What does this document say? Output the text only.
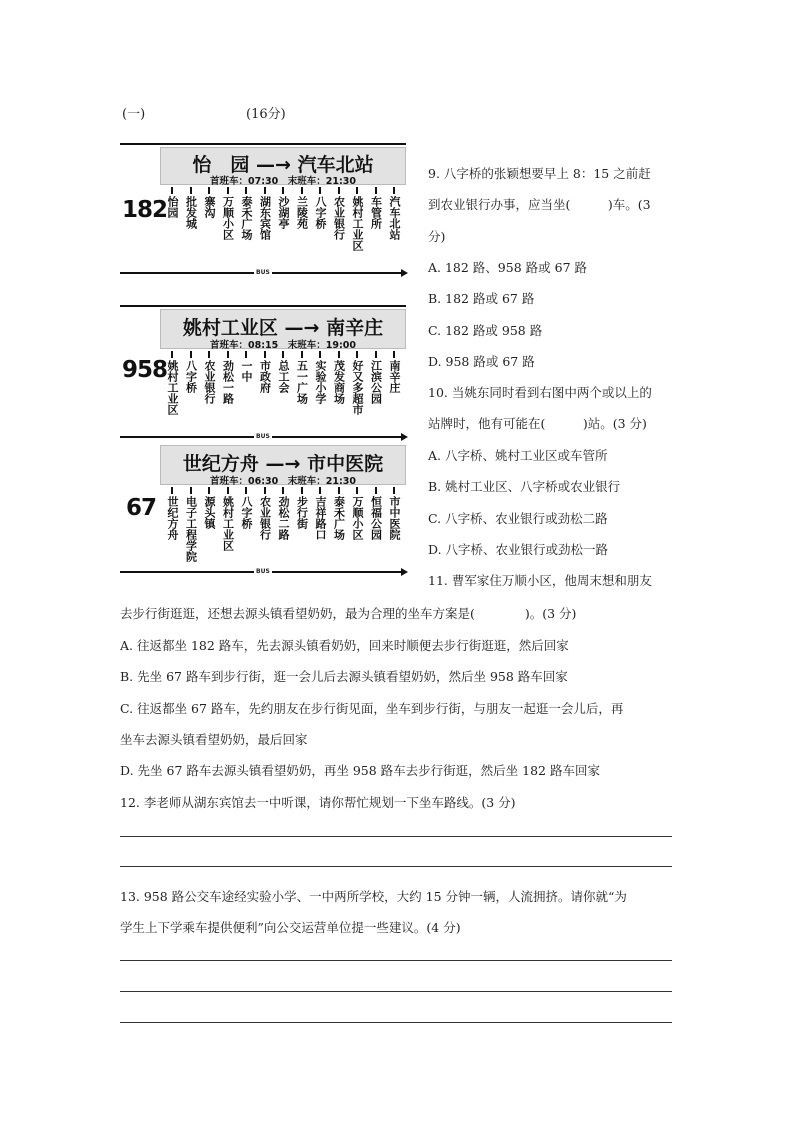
(一)	(16分)
怡　园 —→ 汽车北站
首班车：07:30　末班车：21:30
182
怡园 批发城 寨沟 万顺小区 泰禾广场 湖东宾馆 沙湖亭 兰陵苑 八字桥 农业银行 姚村工业区 车管所 汽车北站
BUS
姚村工业区 —→ 南辛庄
首班车：08:15　末班车：19:00
958
姚村工业区 八字桥 农业银行 劲松一路 一中 市政府 总工会 五一广场 实验小学 茂发商场 好又多超市 江滨公园 南辛庄
BUS
世纪方舟 —→ 市中医院
首班车：06:30　末班车：21:30
67 世纪方舟 电子工程学院 源头镇 姚村工业区 八字桥 农业银行 劲松二路 步行街 吉祥路口 泰禾广场 万顺小区 恒福公园 市中医院
BUS
9. 八字桥的张颖想要早上 8：15 之前赶
到农业银行办事，应当坐(　　　)车。(3
分)
A. 182 路、958 路或 67 路
B. 182 路或 67 路
C. 182 路或 958 路
D. 958 路或 67 路
10. 当姚东同时看到右图中两个或以上的
站牌时，他有可能在(　　　)站。(3 分)
A. 八字桥、姚村工业区或车管所
B. 姚村工业区、八字桥或农业银行
C. 八字桥、农业银行或劲松二路
D. 八字桥、农业银行或劲松一路
11. 曹军家住万顺小区，他周末想和朋友
去步行街逛逛，还想去源头镇看望奶奶，最为合理的坐车方案是(　　　　)。(3 分)
A. 往返都坐 182 路车，先去源头镇看奶奶，回来时顺便去步行街逛逛，然后回家
B. 先坐 67 路车到步行街，逛一会儿后去源头镇看望奶奶，然后坐 958 路车回家
C. 往返都坐 67 路车，先约朋友在步行街见面，坐车到步行街，与朋友一起逛一会儿后，再
坐车去源头镇看望奶奶，最后回家
D. 先坐 67 路车去源头镇看望奶奶，再坐 958 路车去步行街逛，然后坐 182 路车回家
12. 李老师从湖东宾馆去一中听课，请你帮忙规划一下坐车路线。(3 分)
13. 958 路公交车途经实验小学、一中两所学校，大约 15 分钟一辆，人流拥挤。请你就“为
学生上下学乘车提供便利”向公交运营单位提一些建议。(4 分)
